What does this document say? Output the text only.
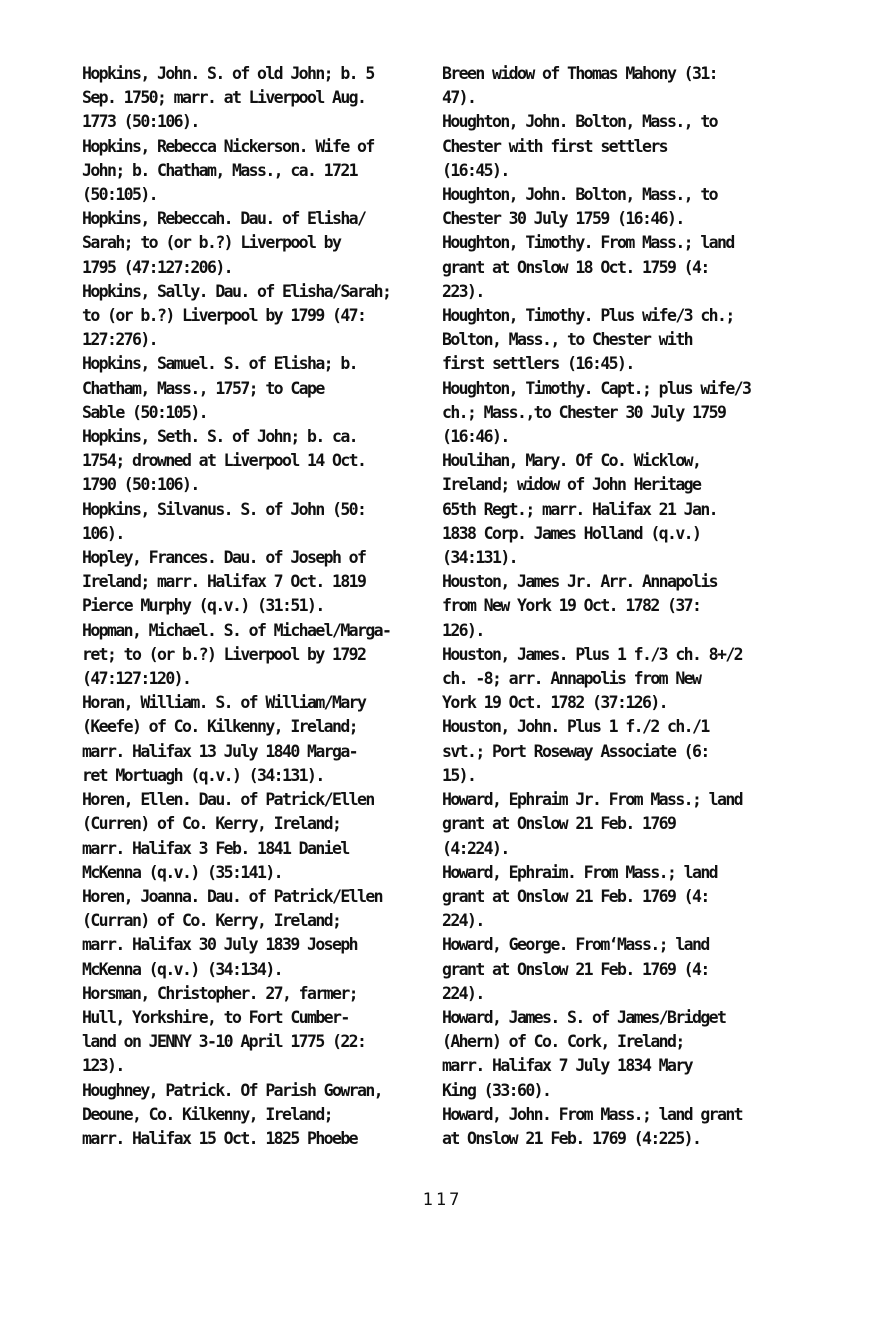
Hopkins, John. S. of old John; b. 5
Sep. 1750; marr. at Liverpool Aug.
1773 (50:106).

Hopkins, Rebecca Nickerson. Wife of
John; b. Chatham, Mass., ca. 1721
(50:105).

Hopkins, Rebeccah. Dau. of Elisha/
Sarah; to (or b.?) Liverpool by
1795 (47:127:206).

Hopkins, Sally. Dau. of Elisha/Sarah;
to (or b.?) Liverpool by 1799 (47:
127:276).

Hopkins, Samuel. S. of Elisha; b.
Chatham, Mass., 1757; to Cape
Sable (50:105).

Hopkins, Seth. S. of John; b. ca.
1754; drowned at Liverpool 14 Oct.
1790 (50:106).

Hopkins, Silvanus. S. of John (50:
106).

Hopley, Frances. Dau. of Joseph of
Ireland; marr. Halifax 7 Oct. 1819
Pierce Murphy (q.v.) (31:51).

Hopman, Michael. S. of Michael/Marga-
ret; to (or b.?) Liverpool by 1792
(47:127:120).

Horan, William. S. of William/Mary
(Keefe) of Co. Kilkenny, Ireland;
marr. Halifax 13 July 1840 Marga-
ret Mortuagh (q.v.) (34:131).

Horen, Ellen. Dau. of Patrick/Ellen
(Curren) of Co. Kerry, Ireland;
marr. Halifax 3 Feb. 1841 Daniel
McKenna (q.v.) (35:141).

Horen, Joanna. Dau. of Patrick/Ellen
(Curran) of Co. Kerry, Ireland;
marr. Halifax 30 July 1839 Joseph
McKenna (q.v.) (34:134).

Horsman, Christopher. 27, farmer;
Hull, Yorkshire, to Fort Cumber-
land on JENNY 3-10 April 1775 (22:
123).

Houghney, Patrick. Of Parish Gowran,
Deoune, Co. Kilkenny, Ireland;
marr. Halifax 15 Oct. 1825 Phoebe

Breen widow of Thomas Mahony (31:
47).

Houghton, John. Bolton, Mass., to
Chester with first settlers
(16:45).

Houghton, John. Bolton, Mass., to
Chester 30 July 1759 (16:46).

Houghton, Timothy. From Mass.; land
grant at Onslow 18 Oct. 1759 (4:
223).

Houghton, Timothy. Plus wife/3 ch.;
Bolton, Mass., to Chester with
first settlers (16:45).

Houghton, Timothy. Capt.; plus wife/3
ch.; Mass.,to Chester 30 July 1759
(16:46).

Houlihan, Mary. Of Co. Wicklow,
Ireland; widow of John Heritage
65th Regt.; marr. Halifax 21 Jan.
1838 Corp. James Holland (q.v.)
(34:131).

Houston, James Jr. Arr. Annapolis
from New York 19 Oct. 1782 (37:
126).

Houston, James. Plus 1 f./3 ch. 8+/2
ch. -8; arr. Annapolis from New
York 19 Oct. 1782 (37:126).

Houston, John. Plus 1 f./2 ch./1
svt.; Port Roseway Associate (6:
15).

Howard, Ephraim Jr. From Mass.; land
grant at Onslow 21 Feb. 1769
(4:224).

Howard, Ephraim. From Mass.; land
grant at Onslow 21 Feb. 1769 (4:
224).

Howard, George. From‘Mass.; land
grant at Onslow 21 Feb. 1769 (4:
224).

Howard, James. S. of James/Bridget
(Ahern) of Co. Cork, Ireland;
marr. Halifax 7 July 1834 Mary
King (33:60).

Howard, John. From Mass.; land grant
at Onslow 21 Feb. 1769 (4:225).

117
